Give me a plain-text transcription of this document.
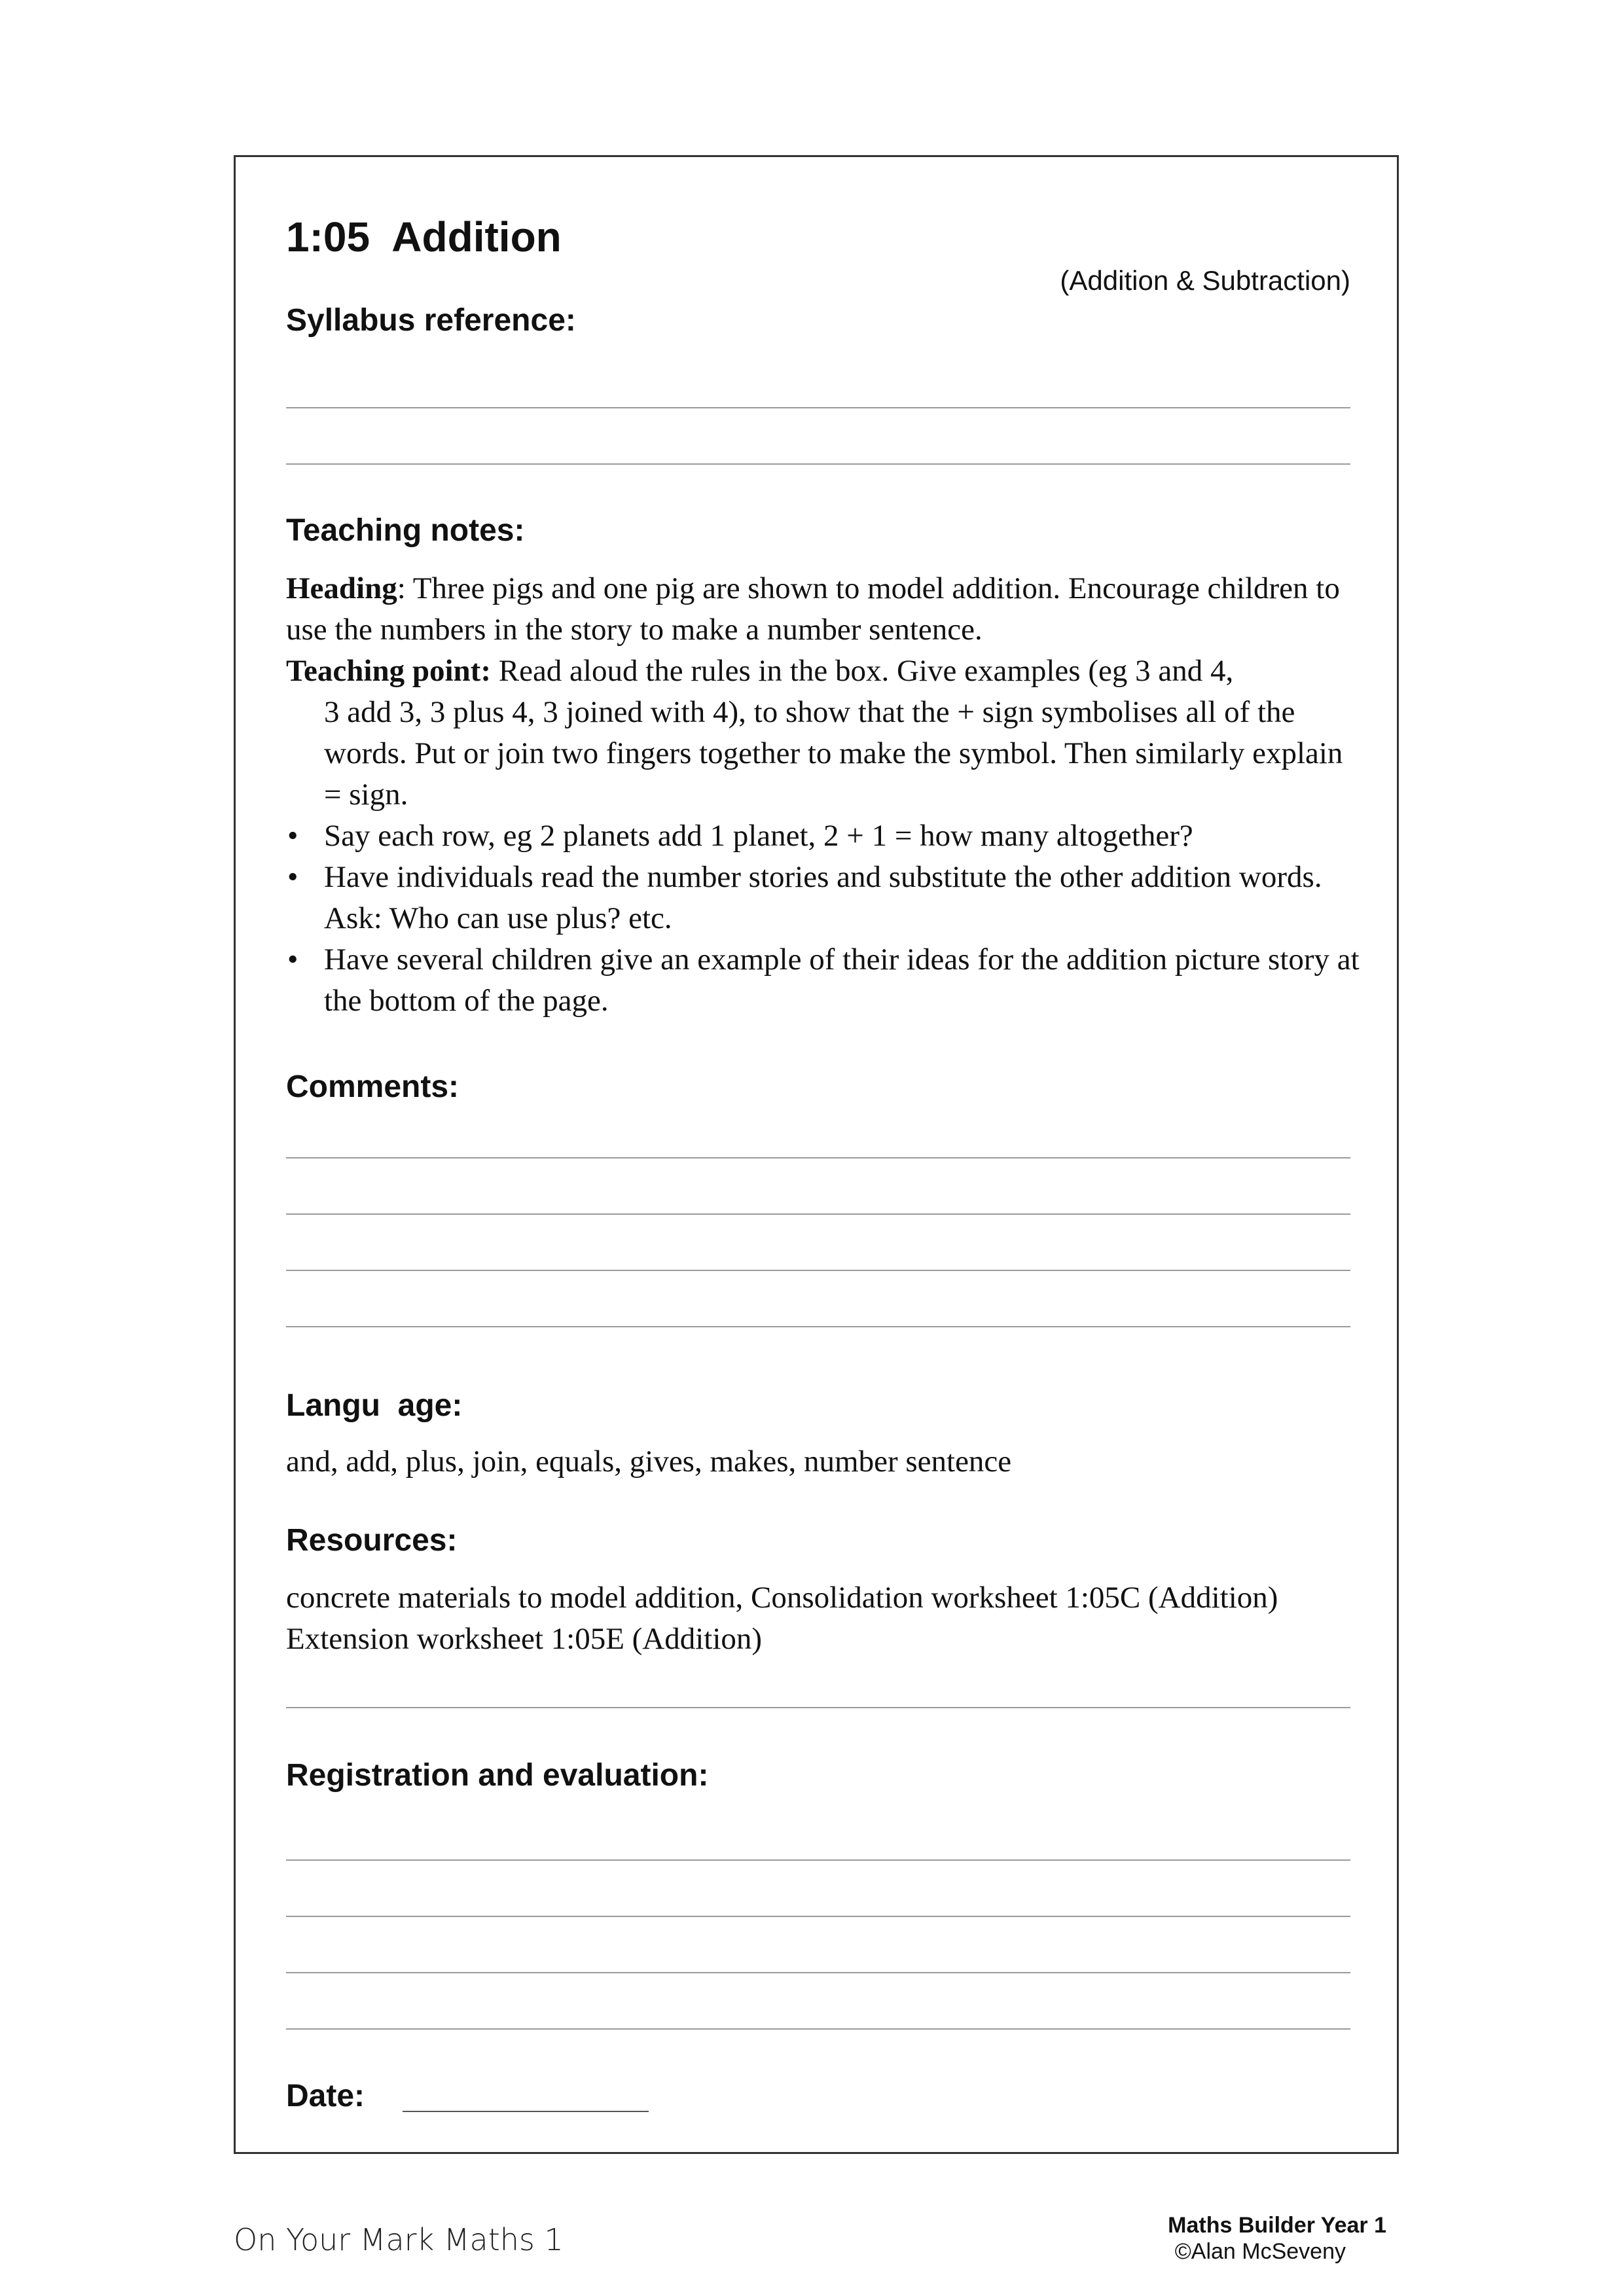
1:05  Addition
(Addition & Subtraction)
Syllabus reference:
Teaching notes:

Heading: Three pigs and one pig are shown to model addition. Encourage children to use the numbers in the story to make a number sentence.

Teaching point: Read aloud the rules in the box. Give examples (eg 3 and 4,

3 add 3, 3 plus 4, 3 joined with 4), to show that the + sign symbolises all of the words. Put or join two fingers together to make the symbol. Then similarly explain = sign.

• Say each row, eg 2 planets add 1 planet, 2 + 1 = how many altogether?

• Have individuals read the number stories and substitute the other addition words. Ask: Who can use plus? etc.

• Have several children give an example of their ideas for the addition picture story at the bottom of the page.

Comments:
Langu  age:
and, add, plus, join, equals, gives, makes, number sentence
Resources:

concrete materials to model addition, Consolidation worksheet 1:05C (Addition)

Extension worksheet 1:05E (Addition)

Registration and evaluation:
Date:
On Your Mark Maths 1	Maths Builder Year 1
©Alan McSeveny
